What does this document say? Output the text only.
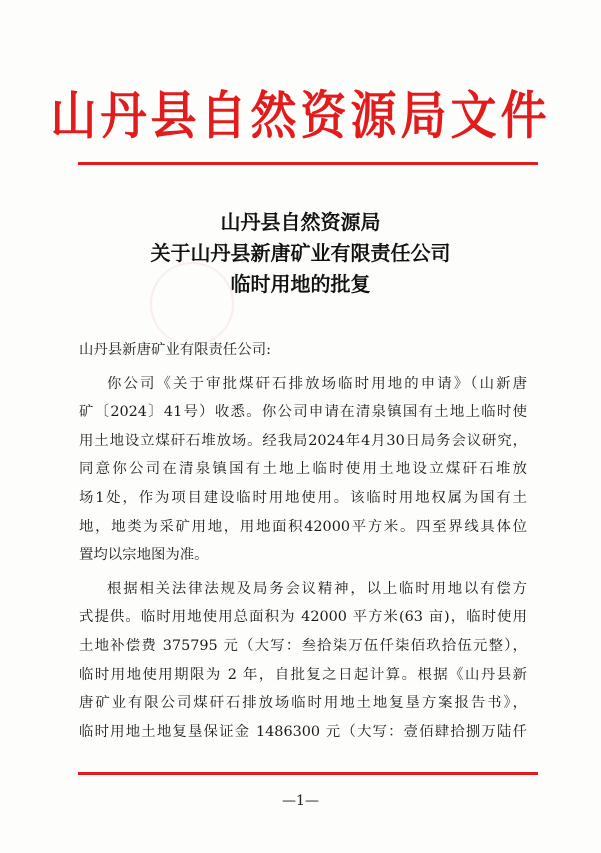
山丹县自然资源局文件
山丹县自然资源局
关于山丹县新唐矿业有限责任公司
临时用地的批复
山丹县新唐矿业有限责任公司:
你公司《关于审批煤矸石排放场临时用地的申请》（山新唐
矿〔2024〕41号）收悉。你公司申请在清泉镇国有土地上临时使
用土地设立煤矸石堆放场。经我局2024年4月30日局务会议研究，
同意你公司在清泉镇国有土地上临时使用土地设立煤矸石堆放
场1处，作为项目建设临时用地使用。该临时用地权属为国有土
地，地类为采矿用地，用地面积42000平方米。四至界线具体位
置均以宗地图为准。
根据相关法律法规及局务会议精神，以上临时用地以有偿方
式提供。临时用地使用总面积为 42000 平方米(63 亩)，临时使用
土地补偿费 375795 元（大写：叁拾柒万伍仟柒佰玖拾伍元整），
临时用地使用期限为 2 年，自批复之日起计算。根据《山丹县新
唐矿业有限公司煤矸石排放场临时用地土地复垦方案报告书》，
临时用地土地复垦保证金 1486300 元（大写：壹佰肆拾捌万陆仟
—1—
